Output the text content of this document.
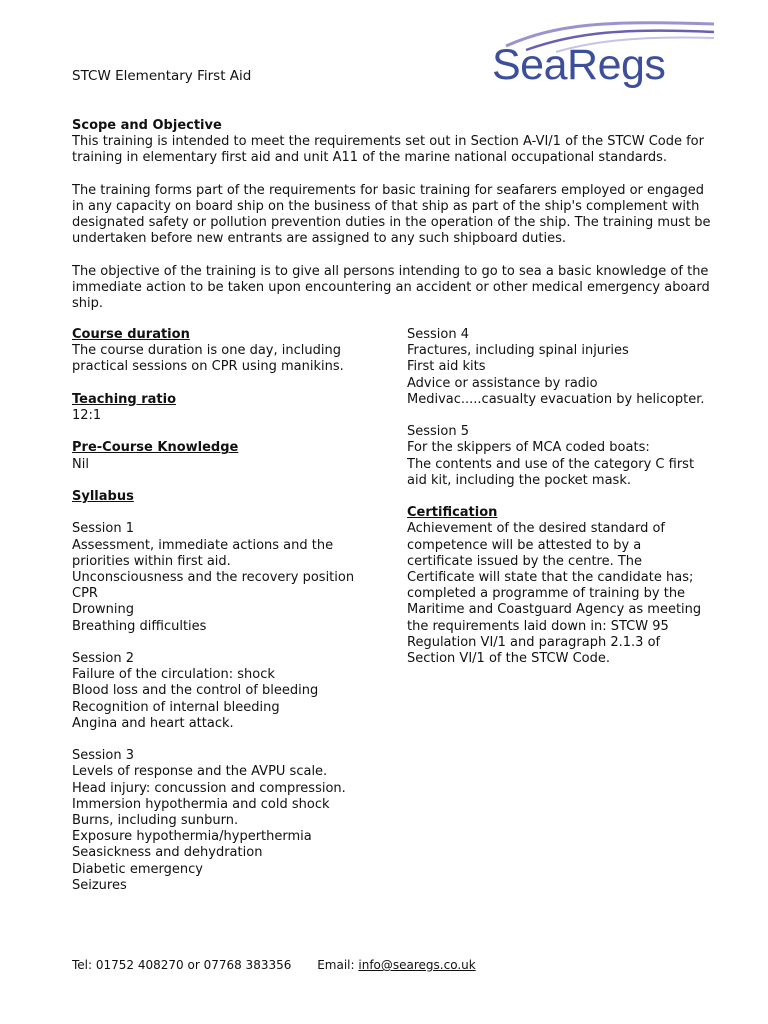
SeaRegs
STCW Elementary First Aid

Scope and Objective

This training is intended to meet the requirements set out in Section A-VI/1 of the STCW Code for

training in elementary first aid and unit A11 of the marine national occupational standards.

The training forms part of the requirements for basic training for seafarers employed or engaged

in any capacity on board ship on the business of that ship as part of the ship's complement with

designated safety or pollution prevention duties in the operation of the ship. The training must be

undertaken before new entrants are assigned to any such shipboard duties.

The objective of the training is to give all persons intending to go to sea a basic knowledge of the

immediate action to be taken upon encountering an accident or other medical emergency aboard

ship.

Course duration

The course duration is one day, including

practical sessions on CPR using manikins.

Teaching ratio

12:1

Pre-Course Knowledge

Nil

Syllabus

Session 1

Assessment, immediate actions and the

priorities within first aid.

Unconsciousness and the recovery position

CPR

Drowning

Breathing difficulties

Session 2

Failure of the circulation: shock

Blood loss and the control of bleeding

Recognition of internal bleeding

Angina and heart attack.

Session 3

Levels of response and the AVPU scale.

Head injury: concussion and compression.

Immersion hypothermia and cold shock

Burns, including sunburn.

Exposure hypothermia/hyperthermia

Seasickness and dehydration

Diabetic emergency

Seizures

Session 4

Fractures, including spinal injuries

First aid kits

Advice or assistance by radio

Medivac.....casualty evacuation by helicopter.

Session 5

For the skippers of MCA coded boats:

The contents and use of the category C first

aid kit, including the pocket mask.

Certification

Achievement of the desired standard of

competence will be attested to by a

certificate issued by the centre. The

Certificate will state that the candidate has;

completed a programme of training by the

Maritime and Coastguard Agency as meeting

the requirements laid down in: STCW 95

Regulation VI/1 and paragraph 2.1.3 of

Section VI/1 of the STCW Code.

Tel: 01752 408270 or 07768 383356 Email: info@searegs.co.uk
